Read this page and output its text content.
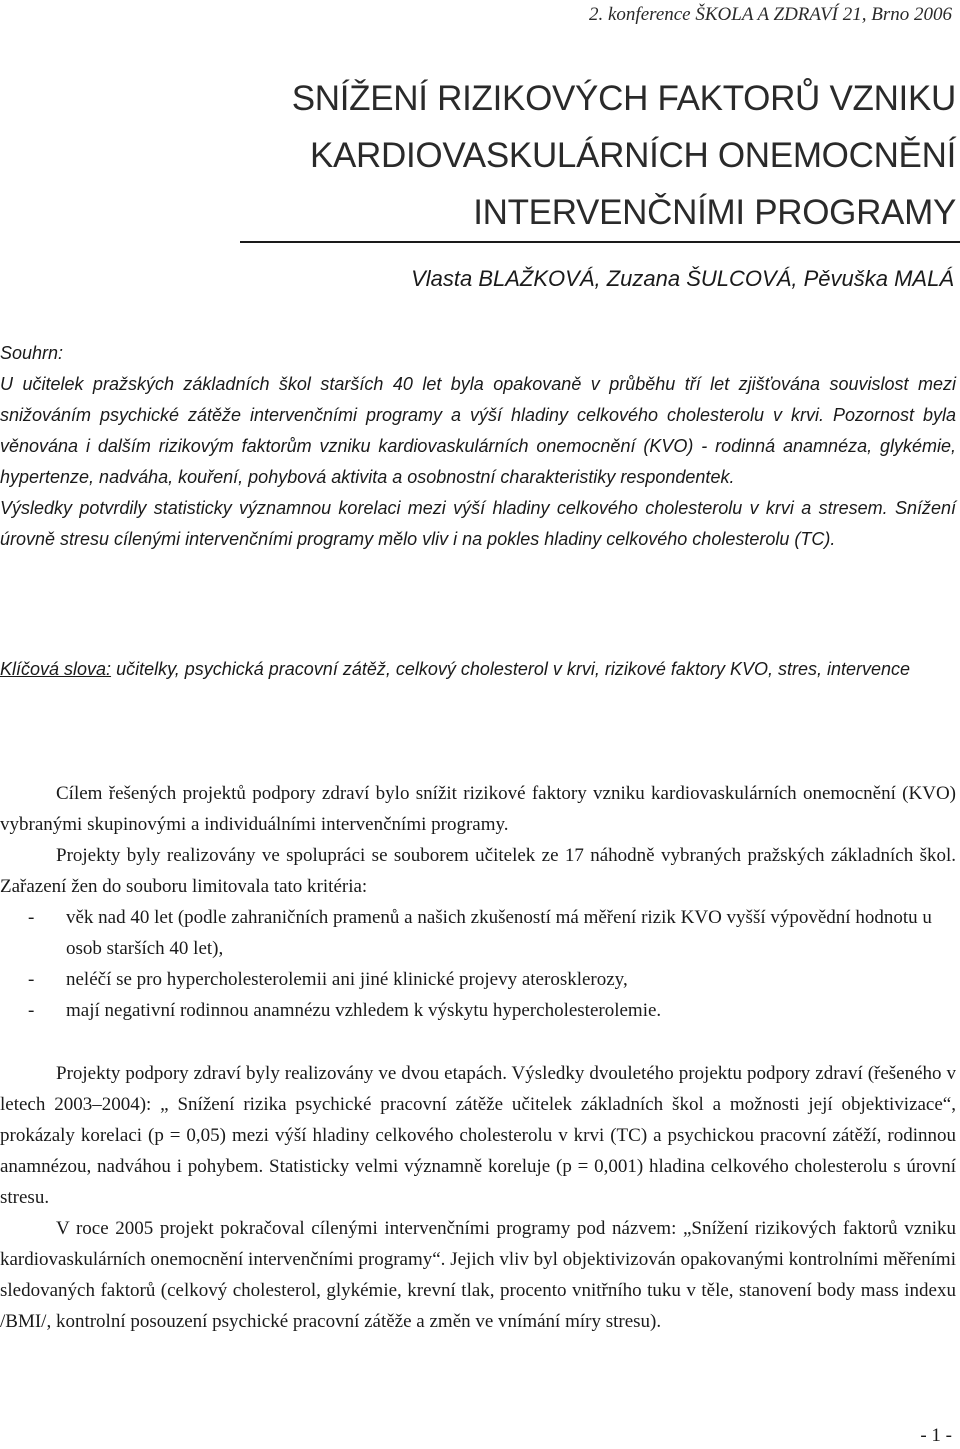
2. konference ŠKOLA A ZDRAVÍ 21, Brno 2006
SNÍŽENÍ RIZIKOVÝCH FAKTORŮ VZNIKU
KARDIOVASKULÁRNÍCH ONEMOCNĚNÍ
INTERVENČNÍMI PROGRAMY
Vlasta BLAŽKOVÁ, Zuzana ŠULCOVÁ, Pěvuška MALÁ
Souhrn:

U učitelek pražských základních škol starších 40 let byla opakovaně v průběhu tří let zjišťována souvislost mezi snižováním psychické zátěže intervenčními programy a výší hladiny celkového cholesterolu v krvi. Pozornost byla věnována i dalším rizikovým faktorům vzniku kardiovaskulárních onemocnění (KVO) - rodinná anamnéza, glykémie, hypertenze, nadváha, kouření, pohybová aktivita a osobnostní charakteristiky respondentek.

Výsledky potvrdily statisticky významnou korelaci mezi výší hladiny celkového cholesterolu v krvi a stresem. Snížení úrovně stresu cílenými intervenčními programy mělo vliv i na pokles hladiny celkového cholesterolu (TC).

Klíčová slova: učitelky, psychická pracovní zátěž, celkový cholesterol v krvi, rizikové faktory KVO, stres, intervence

Cílem řešených projektů podpory zdraví bylo snížit rizikové faktory vzniku kardiovaskulárních onemocnění (KVO) vybranými skupinovými a individuálními intervenčními programy.

Projekty byly realizovány ve spolupráci se souborem učitelek ze 17 náhodně vybraných pražských základních škol. Zařazení žen do souboru limitovala tato kritéria:

- věk nad 40 let (podle zahraničních pramenů a našich zkušeností má měření rizik KVO vyšší výpovědní hodnotu u osob starších 40 let),
- neléčí se pro hypercholesterolemii ani jiné klinické projevy aterosklerozy,
- mají negativní rodinnou anamnézu vzhledem k výskytu hypercholesterolemie.

Projekty podpory zdraví byly realizovány ve dvou etapách. Výsledky dvouletého projektu podpory zdraví (řešeného v letech 2003–2004): „ Snížení rizika psychické pracovní zátěže učitelek základních škol a možnosti její objektivizace“, prokázaly korelaci (p = 0,05) mezi výší hladiny celkového cholesterolu v krvi (TC) a psychickou pracovní zátěží, rodinnou anamnézou, nadváhou i pohybem. Statisticky velmi významně koreluje (p = 0,001) hladina celkového cholesterolu s úrovní stresu.

V roce 2005 projekt pokračoval cílenými intervenčními programy pod názvem: „Snížení rizikových faktorů vzniku kardiovaskulárních onemocnění intervenčními programy“. Jejich vliv byl objektivizován opakovanými kontrolními měřeními sledovaných faktorů (celkový cholesterol, glykémie, krevní tlak, procento vnitřního tuku v těle, stanovení body mass indexu /BMI/, kontrolní posouzení psychické pracovní zátěže a změn ve vnímání míry stresu).

- 1 -
